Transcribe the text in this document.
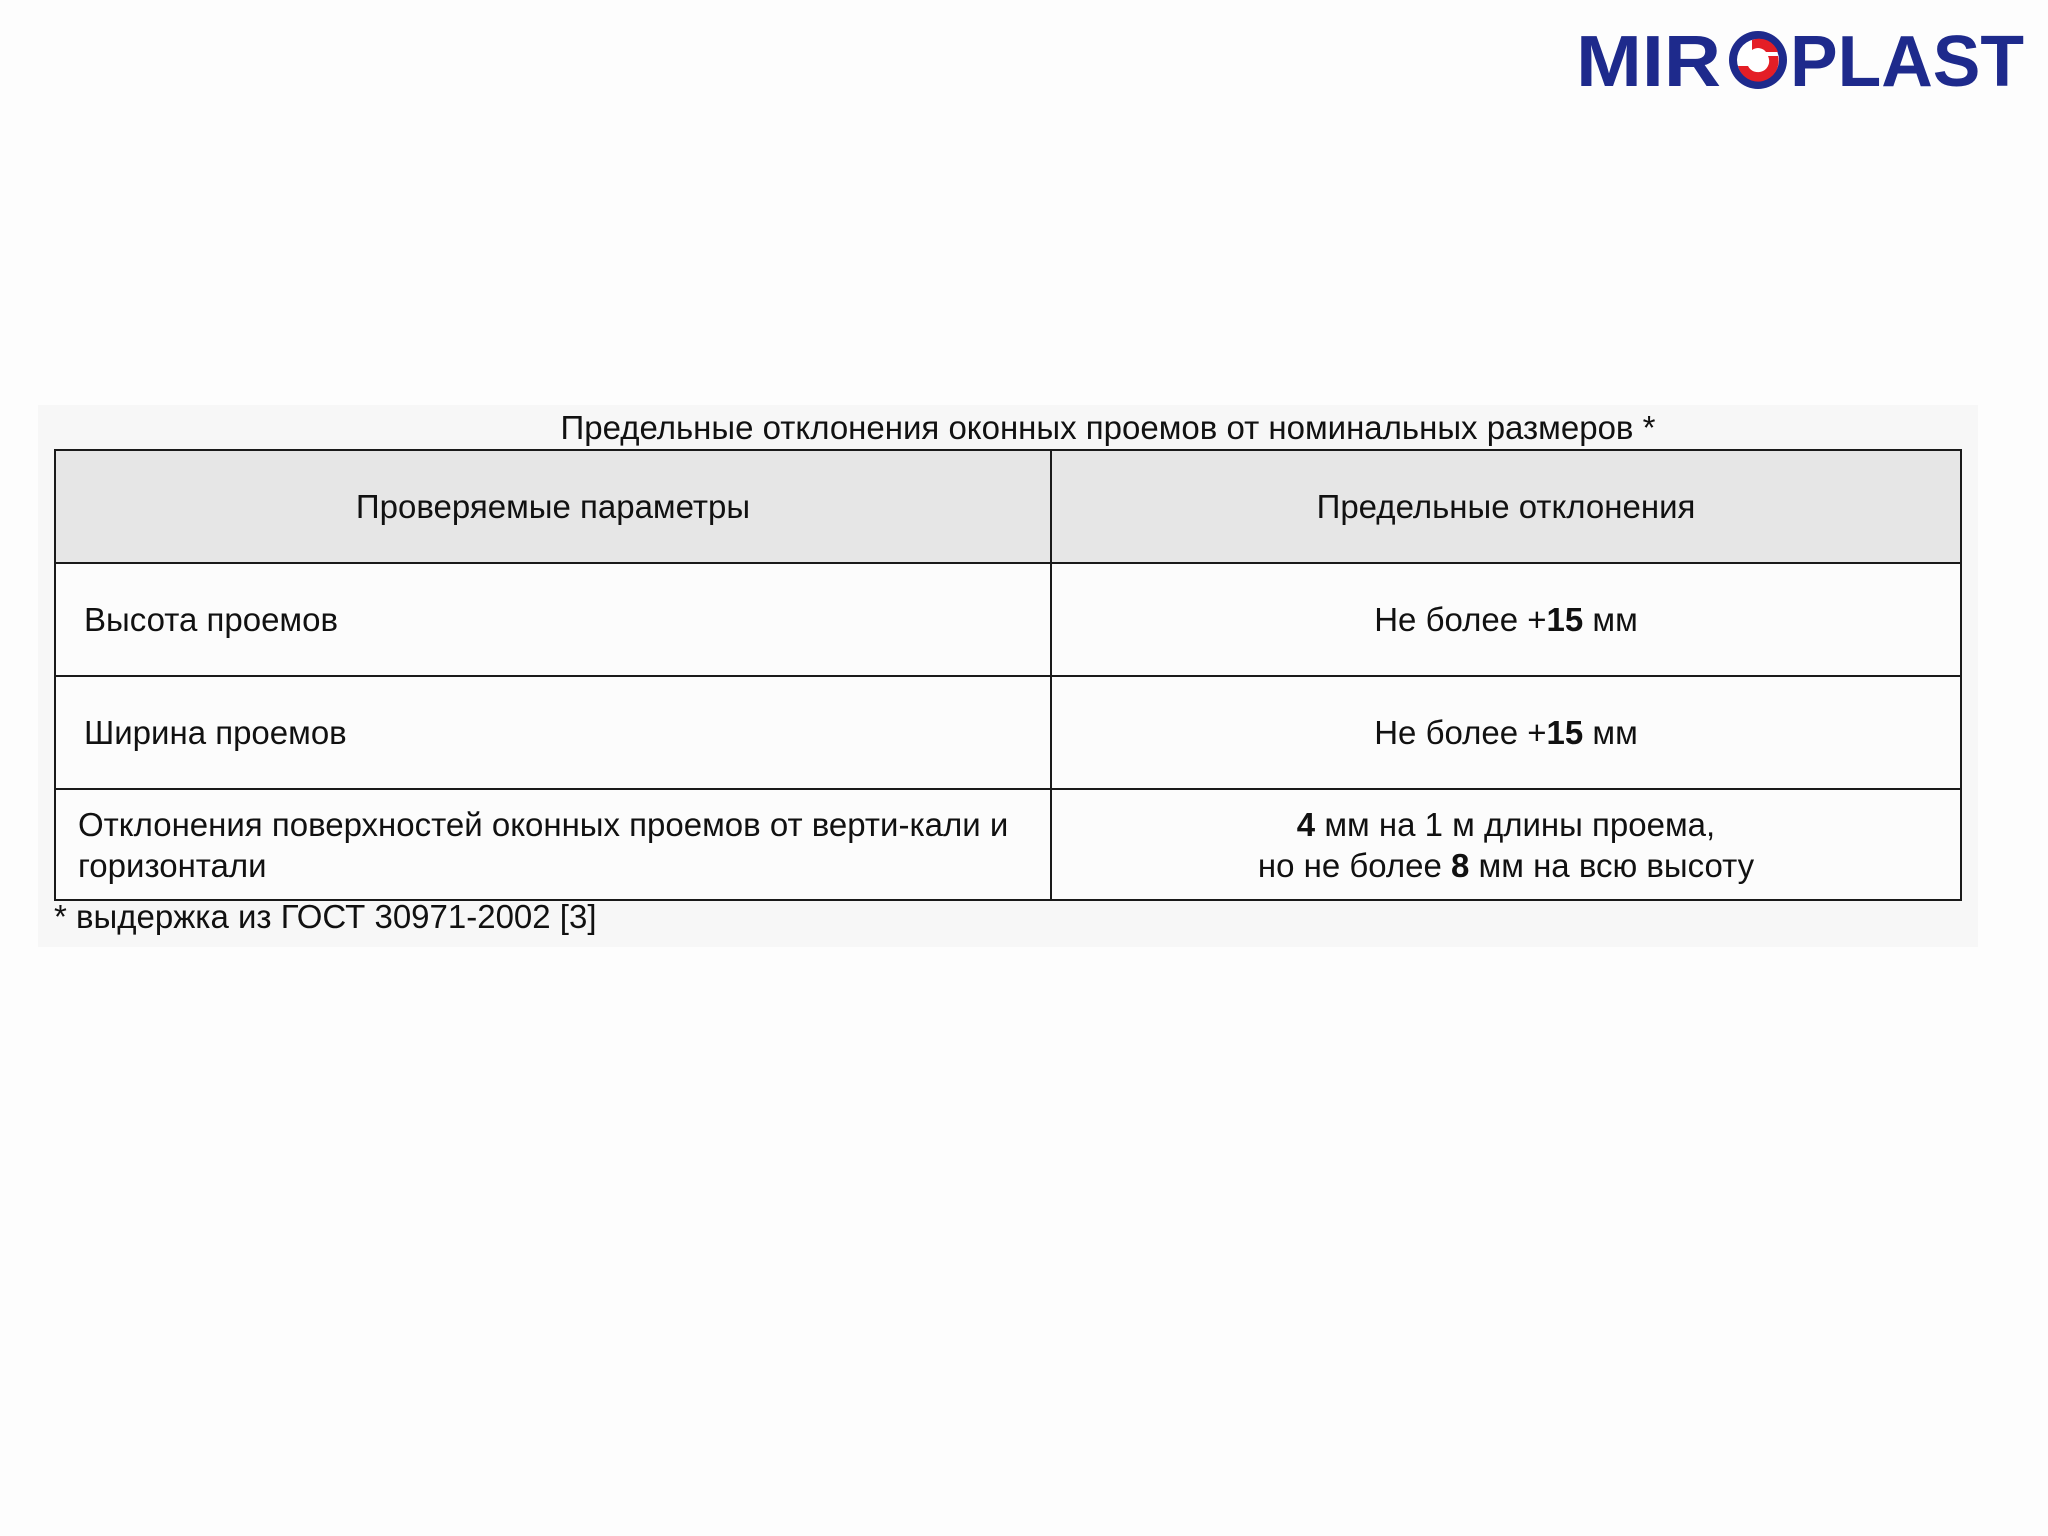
MIR PLAST
Предельные отклонения оконных проемов от номинальных размеров *
Проверяемые параметры	Предельные отклонения
Высота проемов	Не более +15 мм
Ширина проемов	Не более +15 мм
Отклонения поверхностей оконных проемов от верти-кали и горизонтали	4 мм на 1 м длины проема,
но не более 8 мм на всю высоту
* выдержка из ГОСТ 30971-2002 [3]
